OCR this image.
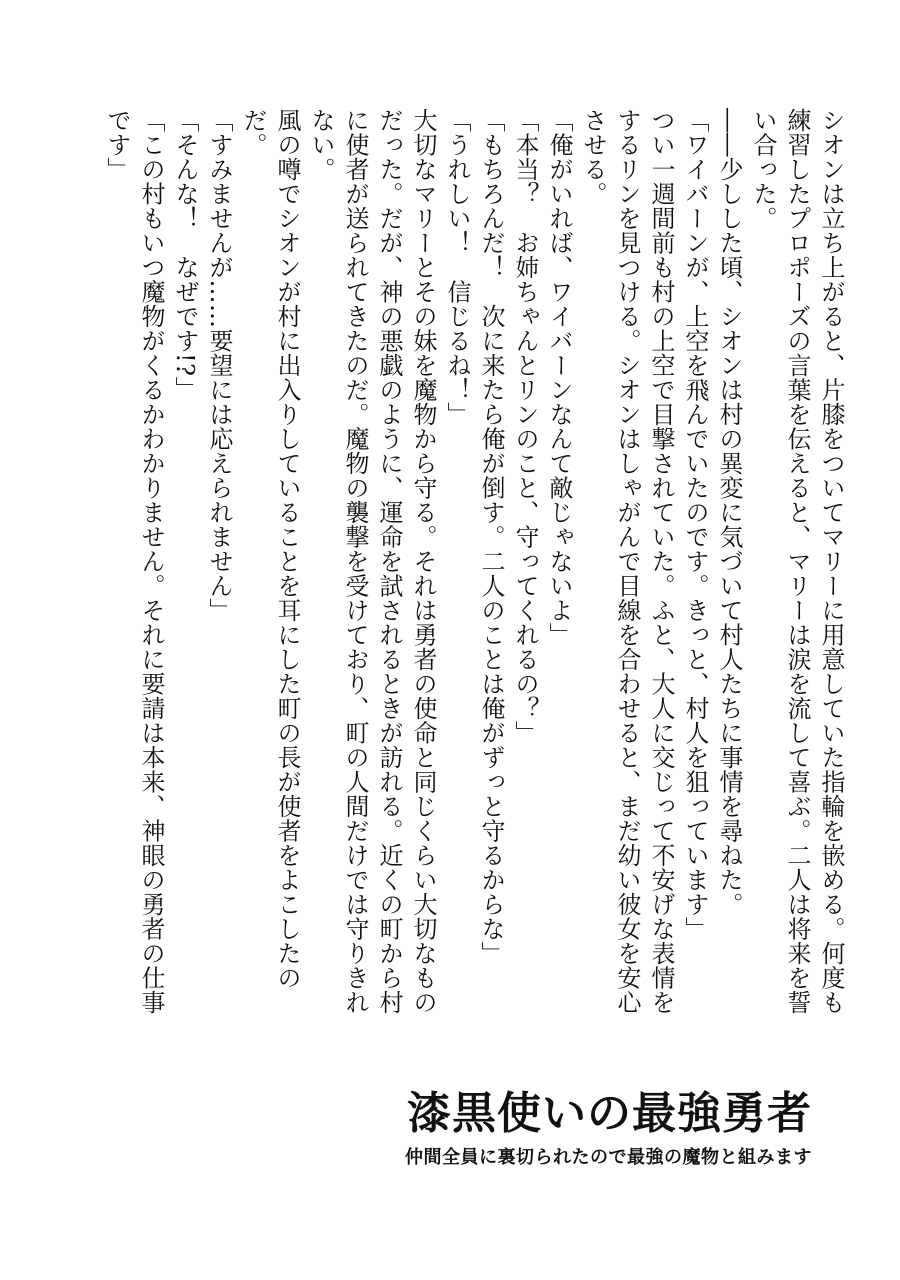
シオンは立ち上がると、片膝をついてマリーに用意していた指輪を嵌める。何度も練習したプロポーズの言葉を伝えると、マリーは涙を流して喜ぶ。二人は将来を誓い合った。

――少しした頃、シオンは村の異変に気づいて村人たちに事情を尋ねた。

「ワイバーンが、上空を飛んでいたのです。きっと、村人を狙っています」

つい一週間前も村の上空で目撃されていた。ふと、大人に交じって不安げな表情をするリンを見つける。シオンはしゃがんで目線を合わせると、まだ幼い彼女を安心させる。

「俺がいれば、ワイバーンなんて敵じゃないよ」

「本当？　お姉ちゃんとリンのこと、守ってくれるの？」

「もちろんだ！　次に来たら俺が倒す。二人のことは俺がずっと守るからな」

「うれしい！　信じるね！」

大切なマリーとその妹を魔物から守る。それは勇者の使命と同じくらい大切なものだった。だが、神の悪戯のように、運命を試されるときが訪れる。近くの町から村に使者が送られてきたのだ。魔物の襲撃を受けており、町の人間だけでは守りきれない。

風の噂でシオンが村に出入りしていることを耳にした町の長が使者をよこしたのだ。

「すみませんが……要望には応えられません」

「そんな！　なぜです!?」

「この村もいつ魔物がくるかわかりません。それに要請は本来、神眼の勇者の仕事です」

漆黒使いの最強勇者
仲間全員に裏切られたので最強の魔物と組みます
